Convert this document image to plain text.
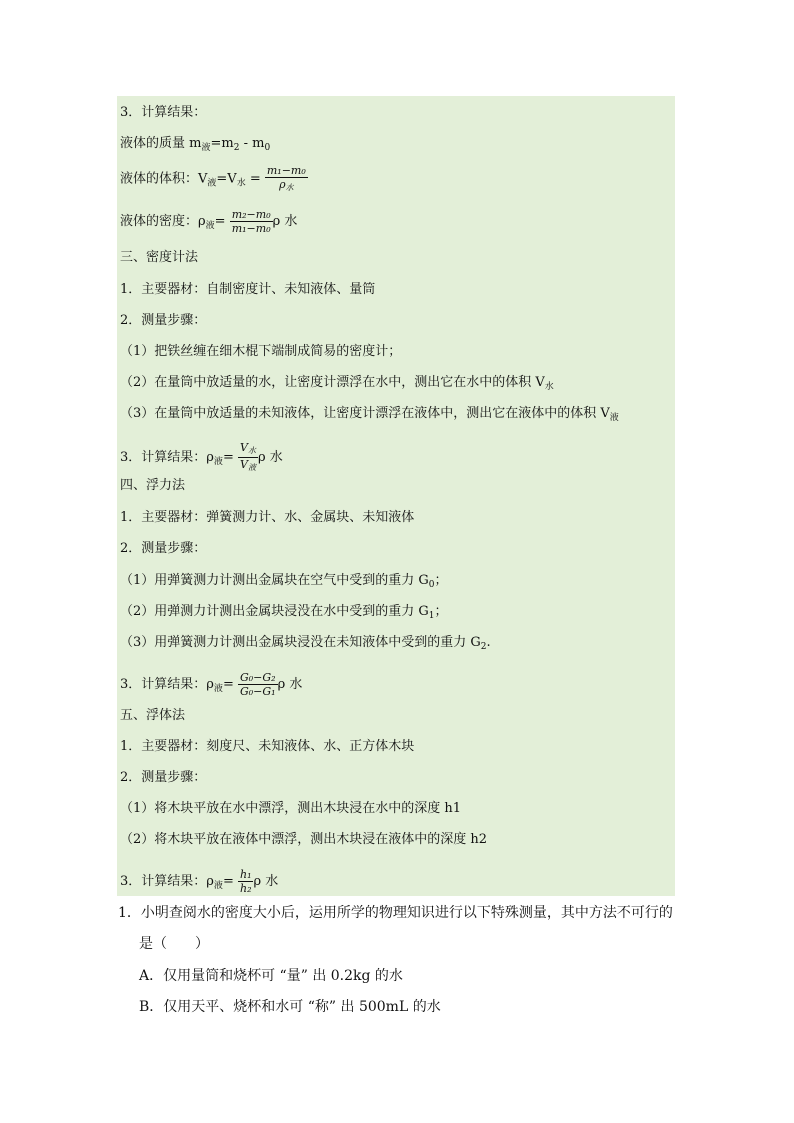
3．计算结果：
液体的质量 $m_液=m_2 - m_0$
液体的体积：$V_液=V_水 = \frac{\text{m₁−m₀}}{\rho_水}$
液体的密度：$\rho_液= \frac{\text{m₂−m₀}}{\text{m₁−m₀}}$ ρ 水
三、密度计法
1．主要器材：自制密度计、未知液体、量筒
2．测量步骤：
（1）把铁丝缠在细木棍下端制成简易的密度计；
（2）在量筒中放适量的水，让密度计漂浮在水中，测出它在水中的体积 $V_水$
（3）在量筒中放适量的未知液体，让密度计漂浮在液体中，测出它在液体中的体积 $V_液$
3．计算结果：$\rho_液= \frac{V_水}{V_液}$ ρ 水
四、浮力法
1．主要器材：弹簧测力计、水、金属块、未知液体
2．测量步骤：
（1）用弹簧测力计测出金属块在空气中受到的重力 $G_0$；
（2）用弹测力计测出金属块浸没在水中受到的重力 $G_1$；
（3）用弹簧测力计测出金属块浸没在未知液体中受到的重力 $G_2$.
3．计算结果：$\rho_液= \frac{\text{G₀−G₂}}{\text{G₀−G₁}}$ ρ 水
五、浮体法
1．主要器材：刻度尺、未知液体、水、正方体木块
2．测量步骤：
（1）将木块平放在水中漂浮，测出木块浸在水中的深度 h1
（2）将木块平放在液体中漂浮，测出木块浸在液体中的深度 h2
3．计算结果：$\rho_液= \frac{\text{h₁}}{\text{h₂}}$ ρ 水
1．小明查阅水的密度大小后，运用所学的物理知识进行以下特殊测量，其中方法不可行的
是（　　）
A．仅用量筒和烧杯可 “量” 出 0.2kg 的水
B．仅用天平、烧杯和水可 “称” 出 500mL 的水
